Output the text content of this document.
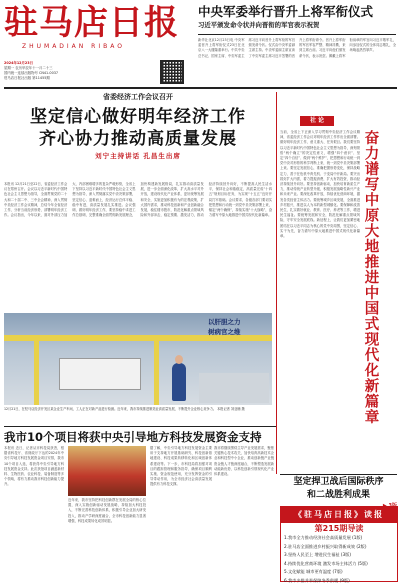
驻马店日报
ZHUMADIAN RIBAO
2024年12月23日
星期一 农历甲辰年十一月二十三
国内统一连续出版物号 CN41-0037
驻马店日报社出版 第11455期
中央军委举行晋升上将军衔仪式
习近平颁发命令状并向晋衔的军官表示祝贺
新华社北京12月23日电 中央军委晋升上将军衔仪式23日在北京八一大楼隆重举行。中共中央总书记、国家主席、中央军委主席习近平向晋升上将军衔的军官颁发命令状。仪式由中央军委副主席主持。中央军委副主席宣读了中央军委主席习近平签署的晋升上将军衔命令。晋升上将军衔的军官军容严整、精神抖擞，来到主席台前。习近平向他们颁发命令状，表示祝贺。佩戴上将军衔肩章的军官向习近平敬军礼，向参加仪式的全体同志敬礼，全场响起热烈掌声。
省委经济工作会议召开
坚定信心做好明年经济工作
齐心协力推动高质量发展
刘宁主持讲话 孔昌生出席
本报讯 12月21日至22日，省委经济工作会议在郑州召开。会议以习近平新时代中国特色社会主义思想为指导，全面贯彻党的二十大和二十届二中、三中全会精神，深入贯彻中央经济工作会议精神，总结今年全省经济工作，分析当前经济形势，部署明年经济工作。会议指出，今年以来，面对外部压力加大、内部困难增多的复杂严峻形势，全省上下坚持以习近平新时代中国特色社会主义思想为指导，深入贯彻落实党中央决策部署，坚定信心、迎难而上，经济运行总体平稳、稳中有进，高质量发展扎实推进。会议强调，做好明年经济工作，要坚持稳中求进工作总基调，完整准确全面贯彻新发展理念，加快构建新发展格局，扎实推动高质量发展，进一步全面深化改革，扩大高水平对外开放，建设现代化产业体系，更好统筹发展和安全，实施更加积极有为的宏观政策，扩大国内需求，推动科技创新和产业创新融合发展，稳住楼市股市，防范化解重点领域风险和外部冲击，稳定预期、激发活力，推动经济持续回升向好，不断提高人民生活水平，保持社会和谐稳定，高质量完成“十四五”规划目标任务，为实现“十五五”良好开局打牢基础。会议要求，各级各部门要切实把思想和行动统一到党中央决策部署上来，锚定“两个确保”，持续实施“十大战略”，奋力谱写中原大地推进中国式现代化新篇章。
以肝胆之力
树病官之维
12月21日，在驻马店经济开发区某企业生产车间，工人正在对新产品进行检测。近年来，我市持续推进制造业高质量发展，不断提升企业核心竞争力。 本报记者 刘亚楠 摄
社 论
当前，全省上下正深入学习贯彻中央经济工作会议精神，省委经济工作会议对明年经济工作作出全面部署。做好明年经济工作，意义重大、任务艰巨。我们要坚持以习近平新时代中国特色社会主义思想为指导，深刻领悟“两个确立”的决定性意义，增强“四个意识”、坚定“四个自信”、做到“两个维护”，把思想和行动统一到党中央对形势的科学判断上来，统一到党中央决策部署上来。要坚定发展信心，准确把握形势变化，保持战略定力，善于在危机中育先机、于变局中开新局。要突出抓好扩大内需，着力提振消费，扩大有效投资，推动经济持续回升向好。要坚持创新驱动，加快培育新质生产力，推动传统产业转型升级，积极发展战略性新兴产业和未来产业。要深化改革开放，持续优化营商环境，激发各类经营主体活力。要统筹城乡区域发展，全面推进乡村振兴，推进以人为本的新型城镇化。要保障和改善民生，扎实做好就业、教育、医疗、养老等工作，增进民生福祉。要统筹发展和安全，防范化解重点领域风险，守牢安全发展底线。新征程上，让我们更加紧密地团结在以习近平同志为核心的党中央周围，坚定信心、实干为先，奋力谱写中原大地推进中国式现代化新篇章。	奋力谱写中原大地推进中国式现代化新篇章
坚定捍卫战后国际秩序
和二战胜利成果
我市10个项目将获中央引导地方科技发展资金支持
本报讯 近日，记者从市科技局获悉，根据省科技厅、省财政厅下达的2024年中央引导地方科技发展资金项目安排，我市10个项目入选，将获得中央引导地方科技发展资金支持。此次获批项目涵盖新材料、生物医药、农业科技、装备制造等多个领域，将有力推动我市科技创新能力提升。
近年来，我市坚持把科技创新摆在发展全局的核心位置，深入实施创新驱动发展战略，持续加大科技投入，不断完善科技创新体系，积极引导企业加大研发投入，推动产学研深度融合，全市科技创新能力显著增强，科技成果转化成效明显。
据了解，中央引导地方科技发展资金主要用于支持地方开展基础研究、科技创新基地建设、科技成果转移转化和区域创新体系建设等。下一步，市科技局将加强对项目的跟踪管理和服务指导，确保项目顺利实施、资金规范使用，充分发挥资金的引导带动作用，为全市经济社会高质量发展提供有力科技支撑。
我市将继续围绕主导产业发展需求，聚焦关键核心技术攻关，加快培育高新技术企业和科技型中小企业，推动创新链产业链资金链人才链深度融合，不断塑造发展新动能新优势，以科技创新引领现代化产业体系建设。
《驻马店日报》读报
第215期导读
1.我市全力推动经济社会高质量发展 (1版)
2.驻马店全面推进乡村振兴取得新成效 (2版)
3.坚持人民至上 增进民生福祉 (3版)
4.持续优化营商环境 激发市场主体活力 (5版)
5.文化赋能 城市更有温度 (7版)
6.我市多措并举保障冬季供暖 (9版)
